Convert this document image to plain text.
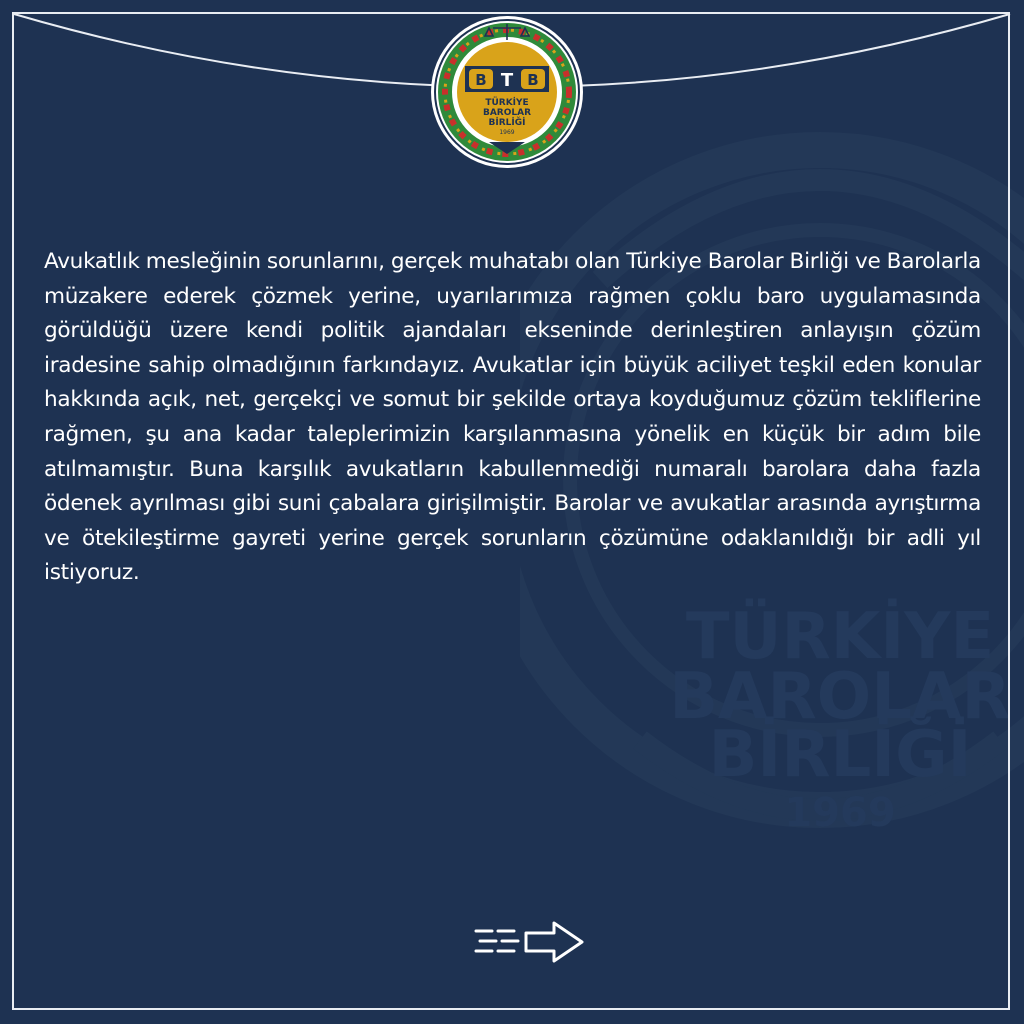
TÜRKİYE
BAROLAR
BİRLİĞİ
1969
B	B
T
TÜRKİYE
BAROLAR
BİRLİĞİ
1969

Avukatlık mesleğinin sorunlarını, gerçek muhatabı olan Türkiye Barolar Birliği ve Barolarla müzakere ederek çözmek yerine, uyarılarımıza rağmen çoklu baro uygulamasında görüldüğü üzere kendi politik ajandaları ekseninde derinleştiren anlayışın çözüm iradesine sahip olmadığının farkındayız. Avukatlar için büyük aciliyet teşkil eden konular hakkında açık, net, gerçekçi ve somut bir şekilde ortaya koyduğumuz çözüm tekliflerine rağmen, şu ana kadar taleplerimizin karşılanmasına yönelik en küçük bir adım bile atılmamıştır. Buna karşılık avukatların kabullenmediği numaralı barolara daha fazla ödenek ayrılması gibi suni çabalara girişilmiştir. Barolar ve avukatlar arasında ayrıştırma ve ötekileştirme gayreti yerine gerçek sorunların çözümüne odaklanıldığı bir adli yıl istiyoruz.
